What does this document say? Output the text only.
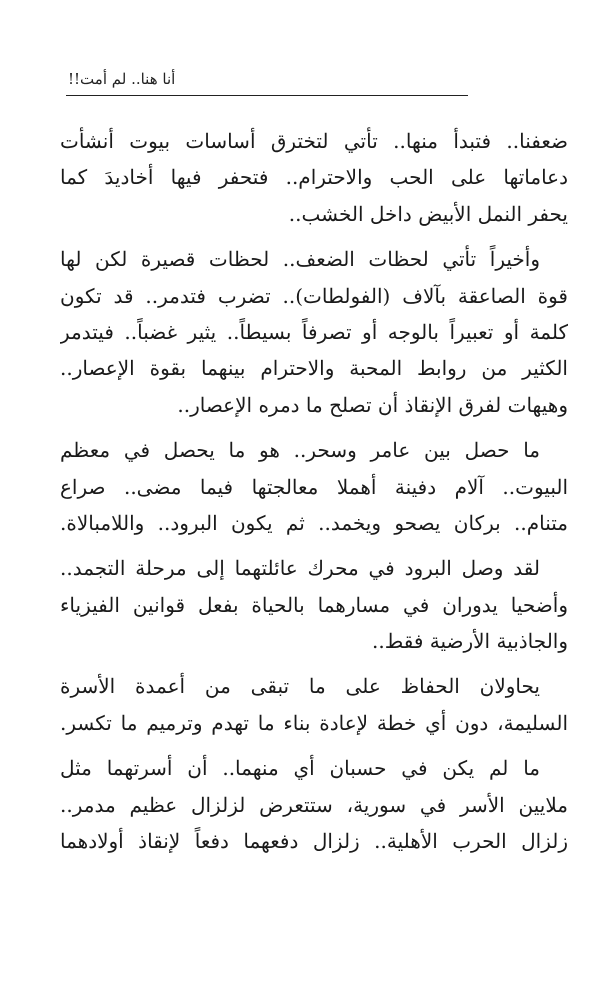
أنا هنا.. لم أمت!!
ضعفنا.. فتبدأ منها.. تأتي لتخترق أساسات بيوت أنشأت
دعاماتها على الحب والاحترام.. فتحفر فيها أخاديدَ كما
يحفر النمل الأبيض داخل الخشب..
وأخيراً تأتي لحظات الضعف.. لحظات قصيرة لكن لها
قوة الصاعقة بآلاف (الفولطات).. تضرب فتدمر.. قد تكون
كلمة أو تعبيراً بالوجه أو تصرفاً بسيطاً.. يثير غضباً.. فيتدمر
الكثير من روابط المحبة والاحترام بينهما بقوة الإعصار..
وهيهات لفرق الإنقاذ أن تصلح ما دمره الإعصار..
ما حصل بين عامر وسحر.. هو ما يحصل في معظم
البيوت.. آلام دفينة أهملا معالجتها فيما مضى.. صراع
متنام.. بركان يصحو ويخمد.. ثم يكون البرود.. واللامبالاة.
لقد وصل البرود في محرك عائلتهما إلى مرحلة التجمد..
وأضحيا يدوران في مسارهما بالحياة بفعل قوانين الفيزياء
والجاذبية الأرضية فقط..
يحاولان الحفاظ على ما تبقى من أعمدة الأسرة
السليمة، دون أي خطة لإعادة بناء ما تهدم وترميم ما تكسر.
ما لم يكن في حسبان أي منهما.. أن أسرتهما مثل
ملايين الأسر في سورية، ستتعرض لزلزال عظيم مدمر..
زلزال الحرب الأهلية.. زلزال دفعهما دفعاً لإنقاذ أولادهما
